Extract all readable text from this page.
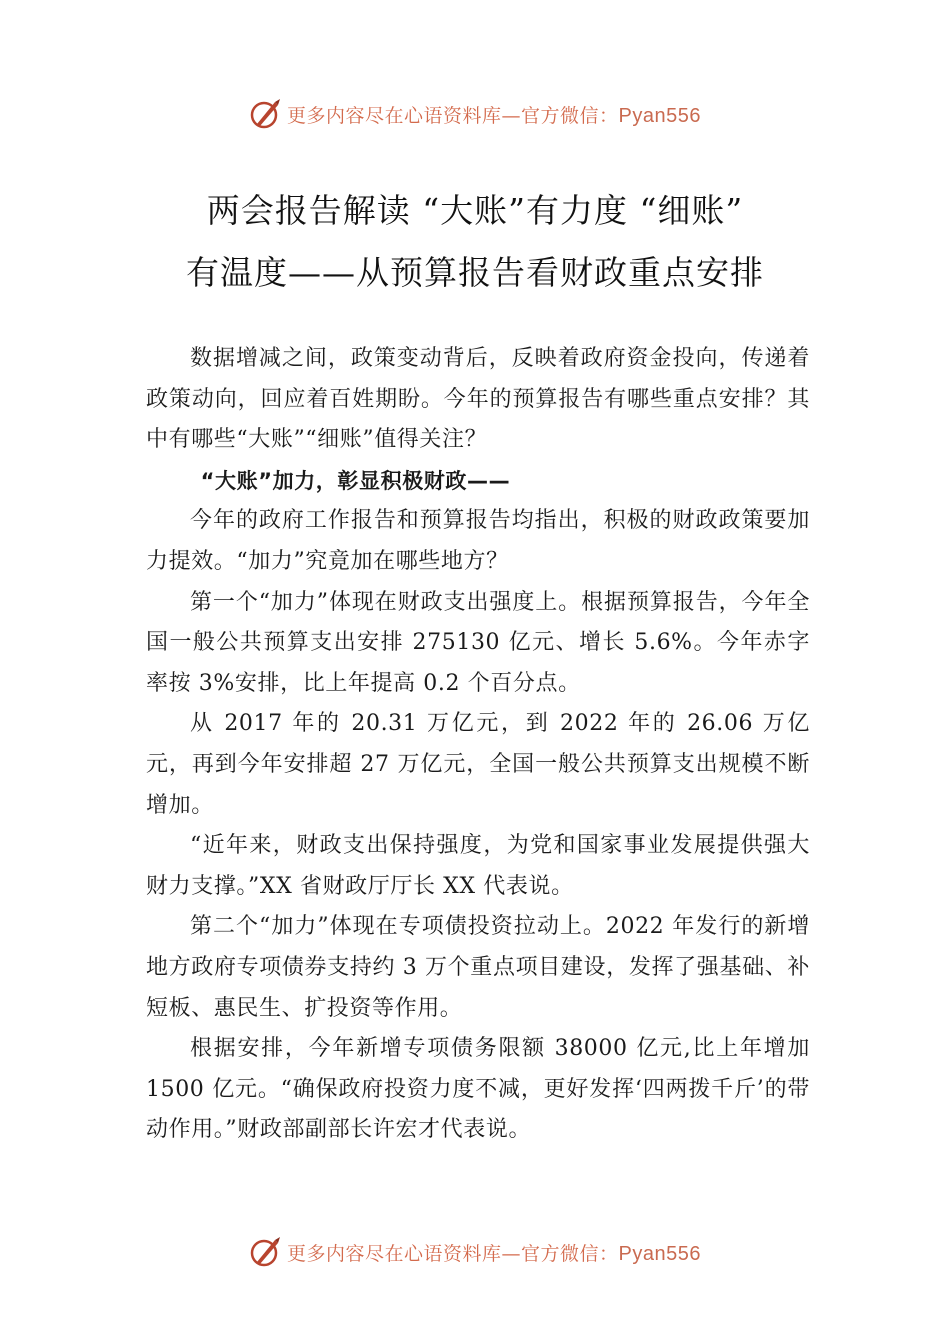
更多内容尽在心语资料库—官方微信：Pyan556
两会报告解读 “大账”有力度 “细账”
有温度——从预算报告看财政重点安排

数据增减之间，政策变动背后，反映着政府资金投向，传递着政策动向，回应着百姓期盼。今年的预算报告有哪些重点安排？其中有哪些“大账”“细账”值得关注？

“大账”加力，彰显积极财政——

今年的政府工作报告和预算报告均指出，积极的财政政策要加力提效。“加力”究竟加在哪些地方？

第一个“加力”体现在财政支出强度上。根据预算报告，今年全国一般公共预算支出安排 275130 亿元、增长 5.6%。今年赤字率按 3%安排，比上年提高 0.2 个百分点。

从 2017 年的 20.31 万亿元，到 2022 年的 26.06 万亿元，再到今年安排超 27 万亿元，全国一般公共预算支出规模不断增加。

“近年来，财政支出保持强度，为党和国家事业发展提供强大财力支撑。”XX 省财政厅厅长 XX 代表说。

第二个“加力”体现在专项债投资拉动上。2022 年发行的新增地方政府专项债券支持约 3 万个重点项目建设，发挥了强基础、补短板、惠民生、扩投资等作用。

根据安排，今年新增专项债务限额 38000 亿元,比上年增加 1500 亿元。“确保政府投资力度不减，更好发挥‘四两拨千斤’的带动作用。”财政部副部长许宏才代表说。

更多内容尽在心语资料库—官方微信：Pyan556
